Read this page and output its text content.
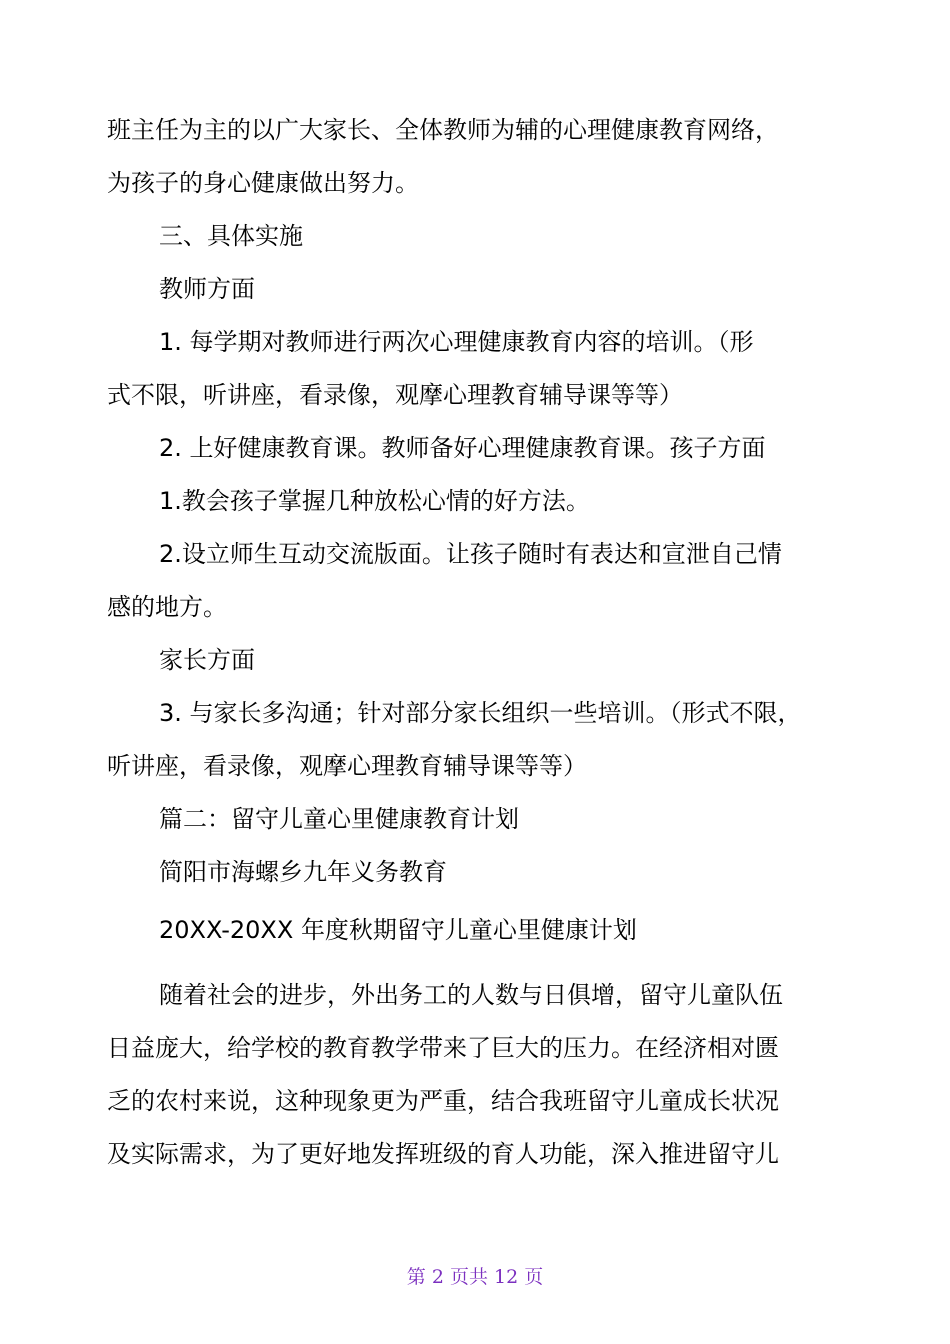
班主任为主的以广大家长、全体教师为辅的心理健康教育网络，
为孩子的身心健康做出努力。
三、具体实施
教师方面
1. 每学期对教师进行两次心理健康教育内容的培训。（形
式不限，听讲座，看录像，观摩心理教育辅导课等等）
2. 上好健康教育课。教师备好心理健康教育课。孩子方面
1.教会孩子掌握几种放松心情的好方法。
2.设立师生互动交流版面。让孩子随时有表达和宣泄自己情
感的地方。
家长方面
3. 与家长多沟通；针对部分家长组织一些培训。（形式不限，
听讲座，看录像，观摩心理教育辅导课等等）
篇二：留守儿童心里健康教育计划
简阳市海螺乡九年义务教育
20XX-20XX 年度秋期留守儿童心里健康计划
随着社会的进步，外出务工的人数与日俱增，留守儿童队伍
日益庞大，给学校的教育教学带来了巨大的压力。在经济相对匮
乏的农村来说，这种现象更为严重，结合我班留守儿童成长状况
及实际需求，为了更好地发挥班级的育人功能，深入推进留守儿
第 2 页共 12 页
